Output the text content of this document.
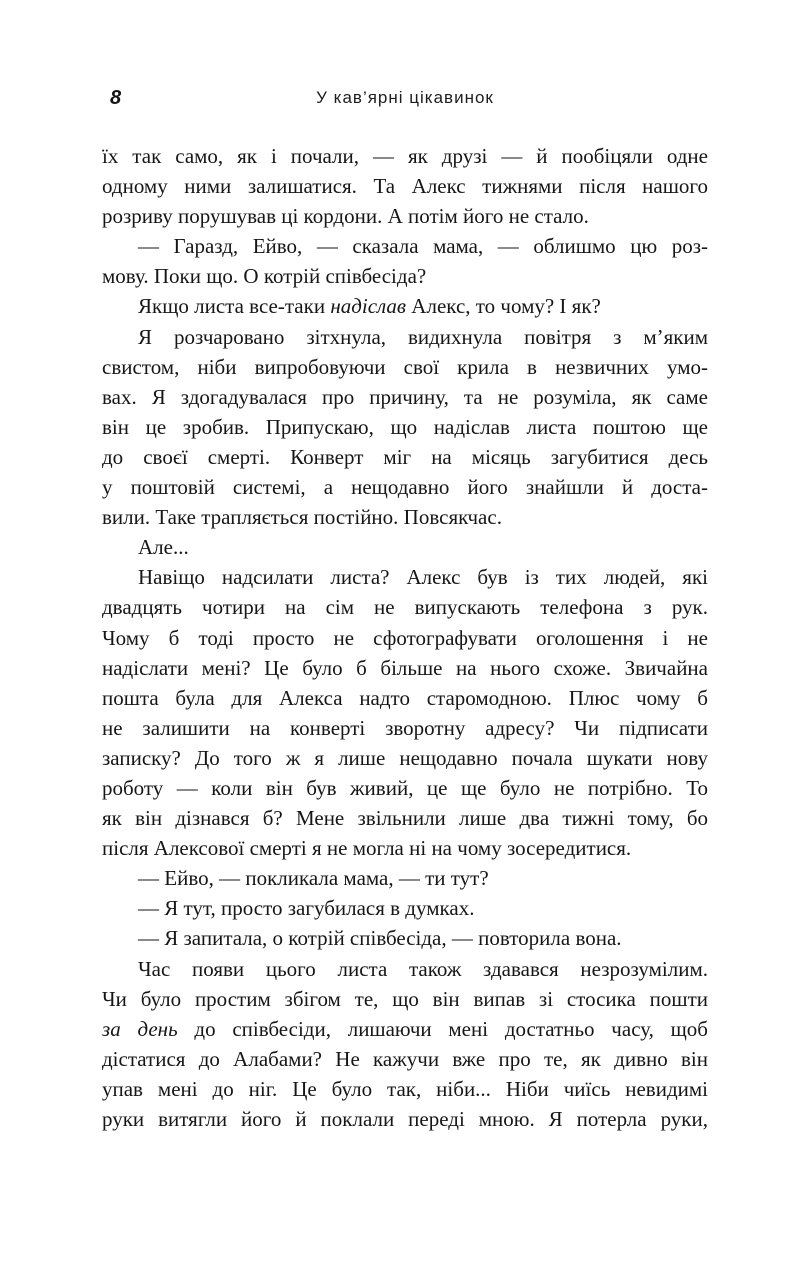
8	У кав’ярні цікавинок
їх так само, як і почали, — як друзі — й пообіцяли одне
одному ними залишатися. Та Алекс тижнями після нашого
розриву порушував ці кордони. А потім його не стало.
— Гаразд, Ейво, — сказала мама, — облишмо цю роз-
мову. Поки що. О котрій співбесіда?
Якщо листа все-таки надіслав Алекс, то чому? І як?
Я розчаровано зітхнула, видихнула повітря з м’яким
свистом, ніби випробовуючи свої крила в незвичних умо-
вах. Я здогадувалася про причину, та не розуміла, як саме
він це зробив. Припускаю, що надіслав листа поштою ще
до своєї смерті. Конверт міг на місяць загубитися десь
у поштовій системі, а нещодавно його знайшли й доста-
вили. Таке трапляється постійно. Повсякчас.
Але...
Навіщо надсилати листа? Алекс був із тих людей, які
двадцять чотири на сім не випускають телефона з рук.
Чому б тоді просто не сфотографувати оголошення і не
надіслати мені? Це було б більше на нього схоже. Звичайна
пошта була для Алекса надто старомодною. Плюс чому б
не залишити на конверті зворотну адресу? Чи підписати
записку? До того ж я лише нещодавно почала шукати нову
роботу — коли він був живий, це ще було не потрібно. То
як він дізнався б? Мене звільнили лише два тижні тому, бо
після Алексової смерті я не могла ні на чому зосередитися.
— Ейво, — покликала мама, — ти тут?
— Я тут, просто загубилася в думках.
— Я запитала, о котрій співбесіда, — повторила вона.
Час появи цього листа також здавався незрозумілим.
Чи було простим збігом те, що він випав зі стосика пошти
за день до співбесіди, лишаючи мені достатньо часу, щоб
дістатися до Алабами? Не кажучи вже про те, як дивно він
упав мені до ніг. Це було так, ніби... Ніби чиїсь невидимі
руки витягли його й поклали переді мною. Я потерла руки,
